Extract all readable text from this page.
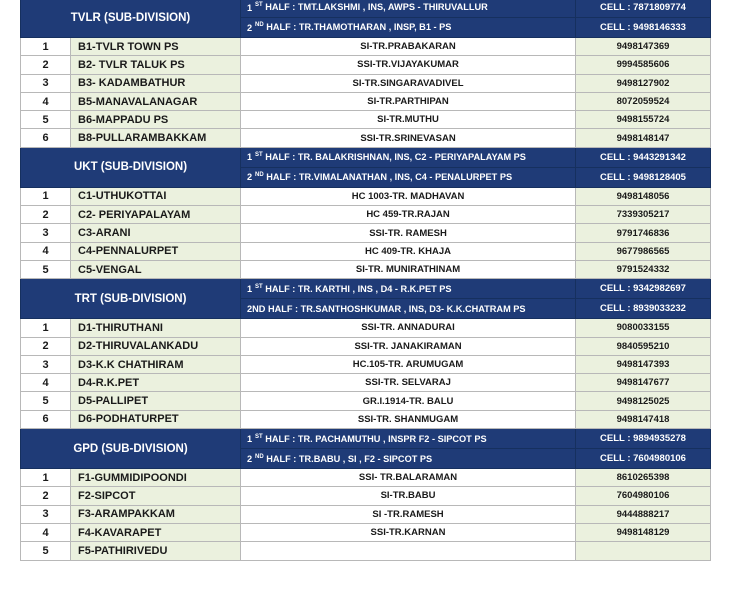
TVLR (SUB-DIVISION)		1 $^{ST}$ HALF : TMT.LAKSHMI , INS, AWPS - THIRUVALLUR	CELL : 7871809774
		2 $^{ND}$ HALF : TR.THAMOTHARAN , INSP, B1 - PS	CELL : 9498146333
1	B1-TVLR TOWN PS	SI-TR.PRABAKARAN	9498147369
2	B2- TVLR TALUK PS	SSI-TR.VIJAYAKUMAR	9994585606
3	B3- KADAMBATHUR	SI-TR.SINGARAVADIVEL	9498127902
4	B5-MANAVALANAGAR	SI-TR.PARTHIPAN	8072059524
5	B6-MAPPADU PS	SI-TR.MUTHU	9498155724
6	B8-PULLARAMBAKKAM	SSI-TR.SRINEVASAN	9498148147
UKT (SUB-DIVISION)		1 $^{ST}$ HALF : TR. BALAKRISHNAN, INS, C2 - PERIYAPALAYAM PS	CELL : 9443291342
		2 $^{ND}$ HALF : TR.VIMALANATHAN , INS, C4 - PENALURPET PS	CELL : 9498128405
1	C1-UTHUKOTTAI	HC 1003-TR. MADHAVAN	9498148056
2	C2- PERIYAPALAYAM	HC 459-TR.RAJAN	7339305217
3	C3-ARANI	SSI-TR. RAMESH	9791746836
4	C4-PENNALURPET	HC 409-TR. KHAJA	9677986565
5	C5-VENGAL	SI-TR. MUNIRATHINAM	9791524332
TRT (SUB-DIVISION)		1 $^{ST}$ HALF : TR. KARTHI , INS , D4 - R.K.PET PS	CELL : 9342982697
		2ND HALF : TR.SANTHOSHKUMAR , INS, D3- K.K.CHATRAM PS	CELL : 8939033232
1	D1-THIRUTHANI	SSI-TR. ANNADURAI	9080033155
2	D2-THIRUVALANKADU	SSI-TR. JANAKIRAMAN	9840595210
3	D3-K.K CHATHIRAM	HC.105-TR. ARUMUGAM	9498147393
4	D4-R.K.PET	SSI-TR. SELVARAJ	9498147677
5	D5-PALLIPET	GR.I.1914-TR. BALU	9498125025
6	D6-PODHATURPET	SSI-TR. SHANMUGAM	9498147418
GPD (SUB-DIVISION)		1 $^{ST}$ HALF : TR. PACHAMUTHU , INSPR F2 - SIPCOT PS	CELL : 9894935278
		2 $^{ND}$ HALF : TR.BABU , SI , F2 - SIPCOT PS	CELL : 7604980106
1	F1-GUMMIDIPOONDI	SSI- TR.BALARAMAN	8610265398
2	F2-SIPCOT	SI-TR.BABU	7604980106
3	F3-ARAMPAKKAM	SI -TR.RAMESH	9444888217
4	F4-KAVARAPET	SSI-TR.KARNAN	9498148129
5	F5-PATHIRIVEDU		
